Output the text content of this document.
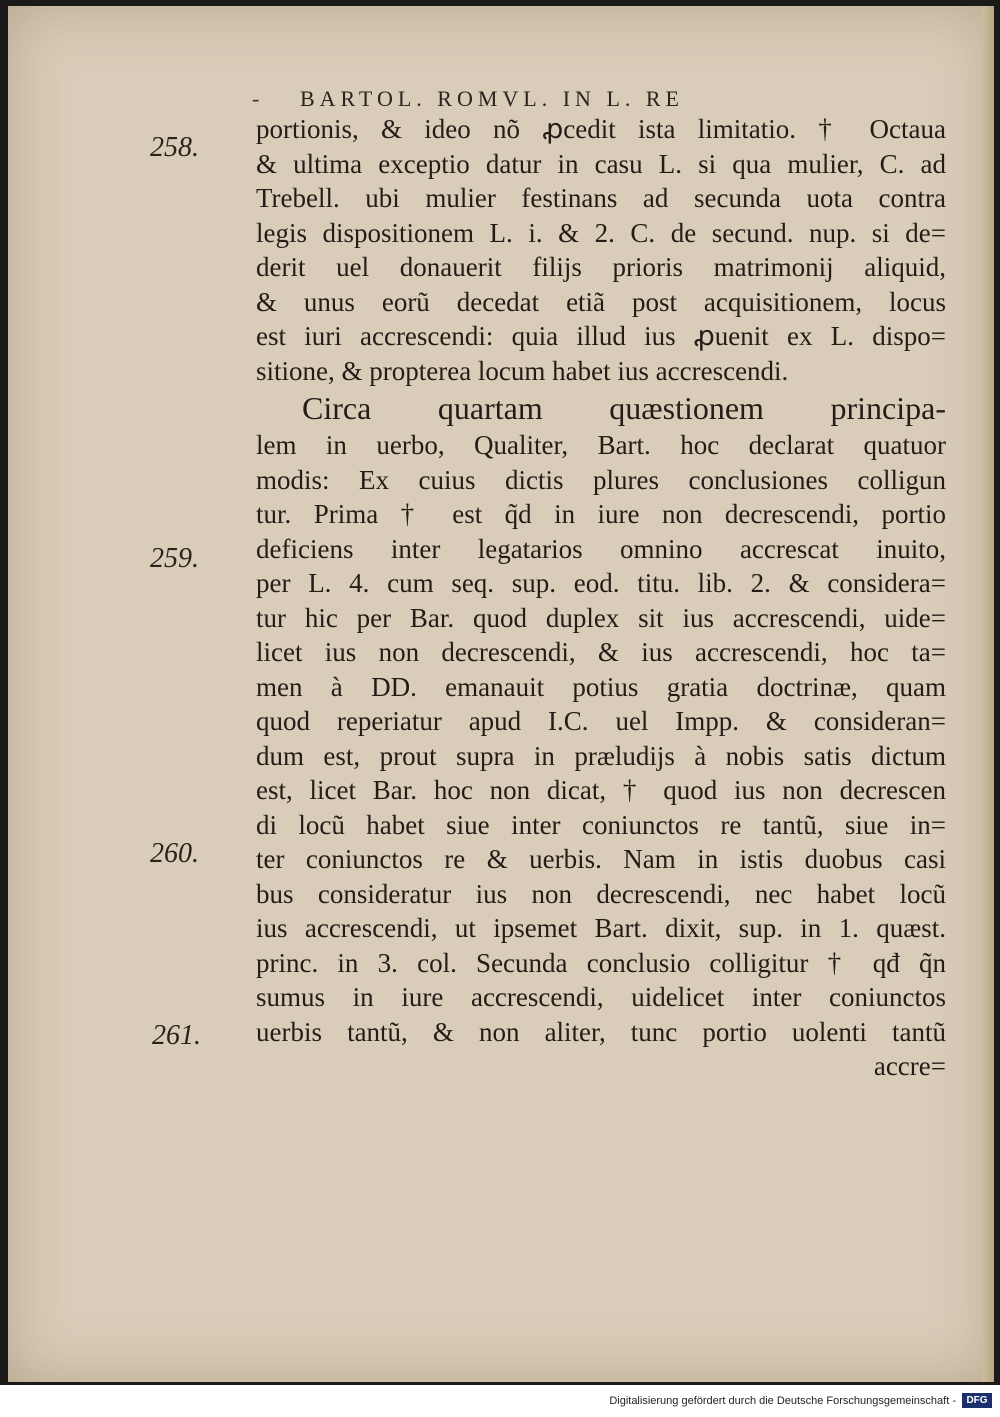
- BARTOL. ROMVL. IN L. RE
258.
259.
260.
261.
portionis, & ideo nõ ꝓcedit ista limitatio. † Octaua
& ultima exceptio datur in casu L. si qua mulier, C. ad
Trebell. ubi mulier festinans ad secunda uota contra
legis dispositionem L. i. & 2. C. de secund. nup. si de=
derit uel donauerit filijs prioris matrimonij aliquid,
& unus eorũ decedat etiã post acquisitionem, locus
est iuri accrescendi: quia illud ius ꝓuenit ex L. dispo=
sitione, & propterea locum habet ius accrescendi.
Circa quartam quæstionem principa-
lem in uerbo, Qualiter, Bart. hoc declarat quatuor
modis: Ex cuius dictis plures conclusiones colligun
tur. Prima † est q̃d in iure non decrescendi, portio
deficiens inter legatarios omnino accrescat inuito,
per L. 4. cum seq. sup. eod. titu. lib. 2. & considera=
tur hic per Bar. quod duplex sit ius accrescendi, uide=
licet ius non decrescendi, & ius accrescendi, hoc ta=
men à DD. emanauit potius gratia doctrinæ, quam
quod reperiatur apud I.C. uel Impp. & consideran=
dum est, prout supra in præludijs à nobis satis dictum
est, licet Bar. hoc non dicat, † quod ius non decrescen
di locũ habet siue inter coniunctos re tantũ, siue in=
ter coniunctos re & uerbis. Nam in istis duobus casi
bus consideratur ius non decrescendi, nec habet locũ
ius accrescendi, ut ipsemet Bart. dixit, sup. in 1. quæst.
princ. in 3. col. Secunda conclusio colligitur † qđ q̃n
sumus in iure accrescendi, uidelicet inter coniunctos
uerbis tantũ, & non aliter, tunc portio uolenti tantũ
accre=
Digitalisierung gefördert durch die Deutsche Forschungsgemeinschaft -	DFG
